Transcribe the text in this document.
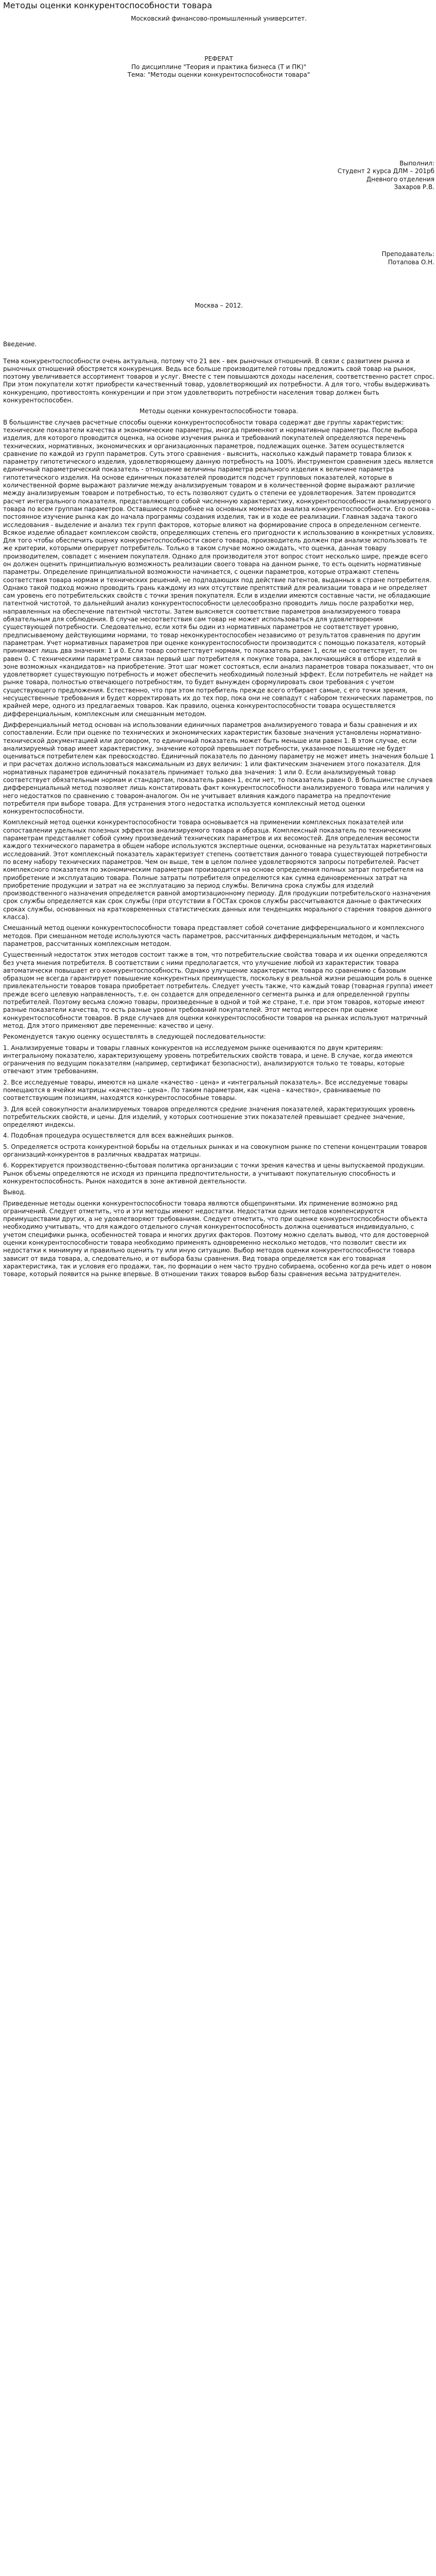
Методы оценки конкурентоспособности товара

Московский финансово-промышленный университет.

РЕФЕРАТ

По дисциплине "Теория и практика бизнеса (Т и ПК)"

Тема: "Методы оценки конкурентоспособности товара"

Выполнил:

Студент 2 курса ДЛМ – 201рб

Дневного отделения

Захаров Р.В.

Преподаватель:

Потапова О.Н.

Москва – 2012.

Введение.

Тема конкурентоспособности очень актуальна, потому что 21 век - век рыночных отношений. В связи с развитием рынка и рыночных отношений обостряется конкуренция. Ведь все больше производителей готовы предложить свой товар на рынок, поэтому увеличивается ассортимент товаров и услуг. Вместе с тем повышаются доходы населения, соответственно растет спрос. При этом покупатели хотят приобрести качественный товар, удовлетворяющий их потребности. А для того, чтобы выдерживать конкуренцию, противостоять конкуренции и при этом удовлетворить потребности населения товар должен быть конкурентоспособен.

Методы оценки конкурентоспособности товара.

В большинстве случаев расчетные способы оценки конкурентоспособности товара содержат две группы характеристик: технические показатели качества и экономические параметры, иногда применяют и нормативные параметры. После выбора изделия, для которого проводится оценка, на основе изучения рынка и требований покупателей определяются перечень технических, нормативных, экономических и организационных параметров, подлежащих оценке. Затем осуществляется сравнение по каждой из групп параметров. Суть этого сравнения - выяснить, насколько каждый параметр товара близок к параметру гипотетического изделия, удовлетворяющему данную потребность на 100%. Инструментом сравнения здесь является единичный параметрический показатель - отношение величины параметра реального изделия к величине параметра гипотетического изделия. На основе единичных показателей проводится подсчет групповых показателей, которые в количественной форме выражают различие между анализируемым товаром и в количественной форме выражают различие между анализируемым товаром и потребностью, то есть позволяют судить о степени ее удовлетворения. Затем проводится расчет интегрального показателя, представляющего собой численную характеристику, конкурентоспособности анализируемого товара по всем группам параметров. Оставшиеся подробнее на основных моментах анализа конкурентоспособности. Его основа - постоянное изучение рынка как до начала программы создания изделия, так и в ходе ее реализации. Главная задача такого исследования - выделение и анализ тех групп факторов, которые влияют на формирование спроса в определенном сегменте. Всякое изделие обладает комплексом свойств, определяющих степень его пригодности к использованию в конкретных условиях. Для того чтобы обеспечить оценку конкурентоспособности своего товара, производитель должен при анализе использовать те же критерии, которыми оперирует потребитель. Только в таком случае можно ожидать, что оценка, данная товару производителем, совпадет с мнением покупателя. Однако для производителя этот вопрос стоит несколько шире, прежде всего он должен оценить принципиальную возможность реализации своего товара на данном рынке, то есть оценить нормативные параметры. Определение принципиальной возможности начинается, с оценки параметров, которые отражают степень соответствия товара нормам и технических решений, не подпадающих под действие патентов, выданных в стране потребителя. Однако такой подход можно проводить грань каждому из них отсутствие препятствий для реализации товара и не определяет сам уровень его потребительских свойств с точки зрения покупателя. Если в изделии имеются составные части, не обладающие патентной чистотой, то дальнейший анализ конкурентоспособности целесообразно проводить лишь после разработки мер, направленных на обеспечение патентной чистоты. Затем выясняется соответствие параметров анализируемого товара обязательным для соблюдения. В случае несоответствия сам товар не может использоваться для удовлетворения существующей потребности. Следовательно, если хотя бы один из нормативных параметров не соответствует уровню, предписываемому действующими нормами, то товар неконкурентоспособен независимо от результатов сравнения по другим параметрам. Учет нормативных параметров при оценке конкурентоспособности производится с помощью показателя, который принимает лишь два значения: 1 и 0. Если товар соответствует нормам, то показатель равен 1, если не соответствует, то он равен 0. С техническими параметрами связан первый шаг потребителя к покупке товара, заключающийся в отборе изделий в зоне возможных «кандидатов» на приобретение. Этот шаг может состояться, если анализ параметров товара показывает, что он удовлетворяет существующую потребность и может обеспечить необходимый полезный эффект. Если потребитель не найдет на рынке товара, полностью отвечающего потребностям, то будет вынужден сформулировать свои требования с учетом существующего предложения. Естественно, что при этом потребитель прежде всего отбирает самые, с его точки зрения, несущественные требования и будет корректировать их до тех пор, пока они не совпадут с набором технических параметров, по крайней мере, одного из предлагаемых товаров. Как правило, оценка конкурентоспособности товара осуществляется дифференциальным, комплексным или смешанным методом.

Дифференциальный метод основан на использовании единичных параметров анализируемого товара и базы сравнения и их сопоставлении. Если при оценке по технических и экономических характеристик базовые значения установлены нормативно-технической документацией или договором, то единичный показатель может быть меньше или равен 1. В этом случае, если анализируемый товар имеет характеристику, значение которой превышает потребности, указанное повышение не будет оцениваться потребителем как превосходство. Единичный показатель по данному параметру не может иметь значения больше 1 и при расчетах должно использоваться максимальным из двух величин: 1 или фактическим значением этого показателя. Для нормативных параметров единичный показатель принимает только два значения: 1 или 0. Если анализируемый товар соответствует обязательным нормам и стандартам, показатель равен 1, если нет, то показатель равен 0. В большинстве случаев дифференциальный метод позволяет лишь констатировать факт конкурентоспособности анализируемого товара или наличия у него недостатков по сравнению с товаром-аналогом. Он не учитывает влияния каждого параметра на предпочтение потребителя при выборе товара. Для устранения этого недостатка используется комплексный метод оценки конкурентоспособности.

Комплексный метод оценки конкурентоспособности товара основывается на применении комплексных показателей или сопоставлении удельных полезных эффектов анализируемого товара и образца. Комплексный показатель по техническим параметрам представляет собой сумму произведений технических параметров и их весомостей. Для определения весомости каждого технического параметра в общем наборе используются экспертные оценки, основанные на результатах маркетинговых исследований. Этот комплексный показатель характеризует степень соответствия данного товара существующей потребности по всему набору технических параметров. Чем он выше, тем в целом полнее удовлетворяются запросы потребителей. Расчет комплексного показателя по экономическим параметрам производится на основе определения полных затрат потребителя на приобретение и эксплуатацию товара. Полные затраты потребителя определяются как сумма единовременных затрат на приобретение продукции и затрат на ее эксплуатацию за период службы. Величина срока службы для изделий производственного назначения определяется равной амортизационному периоду. Для продукции потребительского назначения срок службы определяется как срок службы (при отсутствии в ГОСТах сроков службы рассчитываются данные о фактических сроках службы, основанных на кратковременных статистических данных или тенденциях морального старения товаров данного класса).

Смешанный метод оценки конкурентоспособности товара представляет собой сочетание дифференциального и комплексного методов. При смешанном методе используются часть параметров, рассчитанных дифференциальным методом, и часть параметров, рассчитанных комплексным методом.

Существенный недостаток этих методов состоит также в том, что потребительские свойства товара и их оценки определяются без учета мнения потребителя. В соответствии с ними предполагается, что улучшение любой из характеристик товара автоматически повышает его конкурентоспособность. Однако улучшение характеристик товара по сравнению с базовым образцом не всегда гарантирует повышение конкурентных преимуществ, поскольку в реальной жизни решающим роль в оценке привлекательности товаров товара приобретает потребитель. Следует учесть также, что каждый товар (товарная группа) имеет прежде всего целевую направленность, т.е. он создается для определенного сегмента рынка и для определенной группы потребителей. Поэтому весьма сложно товары, произведенные в одной и той же стране, т.е. при этом товаров, которые имеют разные показатели качества, то есть разные уровни требований покупателей. Этот метод интересен при оценке конкурентоспособности товаров. В ряде случаев для оценки конкурентоспособности товаров на рынках используют матричный метод. Для этого применяют две переменные: качество и цену.

Рекомендуется такую оценку осуществлять в следующей последовательности:

1. Анализируемые товары и товары главных конкурентов на исследуемом рынке оцениваются по двум критериям: интегральному показателю, характеризующему уровень потребительских свойств товара, и цене. В случае, когда имеются ограничения по ведущим показателям (например, сертификат безопасности), анализируются только те товары, которые отвечают этим требованиям.

2. Все исследуемые товары, имеются на шкале «качество - цена» и «интегральный показатель». Все исследуемые товары помещаются в ячейки матрицы «качество - цена». По таким параметрам, как «цена - качество», сравниваемые по соответствующим позициям, находятся конкурентоспособные товары.

3. Для всей совокупности анализируемых товаров определяются средние значения показателей, характеризующих уровень потребительских свойств, и цены. Для изделий, у которых соотношение этих показателей превышает среднее значение, определяют индексы.

4. Подобная процедура осуществляется для всех важнейших рынков.

5. Определяется острота конкурентной борьбы на отдельных рынках и на совокупном рынке по степени концентрации товаров организаций-конкурентов в различных квадратах матрицы.

6. Корректируется производственно-сбытовая политика организации с точки зрения качества и цены выпускаемой продукции. Рынок объемы определяются не исходя из принципа предпочтительности, а учитывают покупательную способность и конкурентоспособность. Рынок находится в зоне активной деятельности.

Вывод.

Приведенные методы оценки конкурентоспособности товара являются общепринятыми. Их применение возможно ряд ограничений. Следует отметить, что и эти методы имеют недостатки. Недостатки одних методов компенсируются преимуществами других, а не удовлетворяют требованиям. Следует отметить, что при оценке конкурентоспособности объекта необходимо учитывать, что для каждого отдельного случая конкурентоспособность должна оцениваться индивидуально, с учетом специфики рынка, особенностей товара и многих других факторов. Поэтому можно сделать вывод, что для достоверной оценки конкурентоспособности товара необходимо применять одновременно несколько методов, что позволит свести их недостатки к минимуму и правильно оценить ту или иную ситуацию. Выбор методов оценки конкурентоспособности товара зависит от вида товара, а, следовательно, и от выбора базы сравнения. Вид товара определяется как его товарная характеристика, так и условия его продажи, так, по формации о нем часто трудно собираема, особенно когда речь идет о новом товаре, который появится на рынке впервые. В отношении таких товаров выбор базы сравнения весьма затруднителен.
